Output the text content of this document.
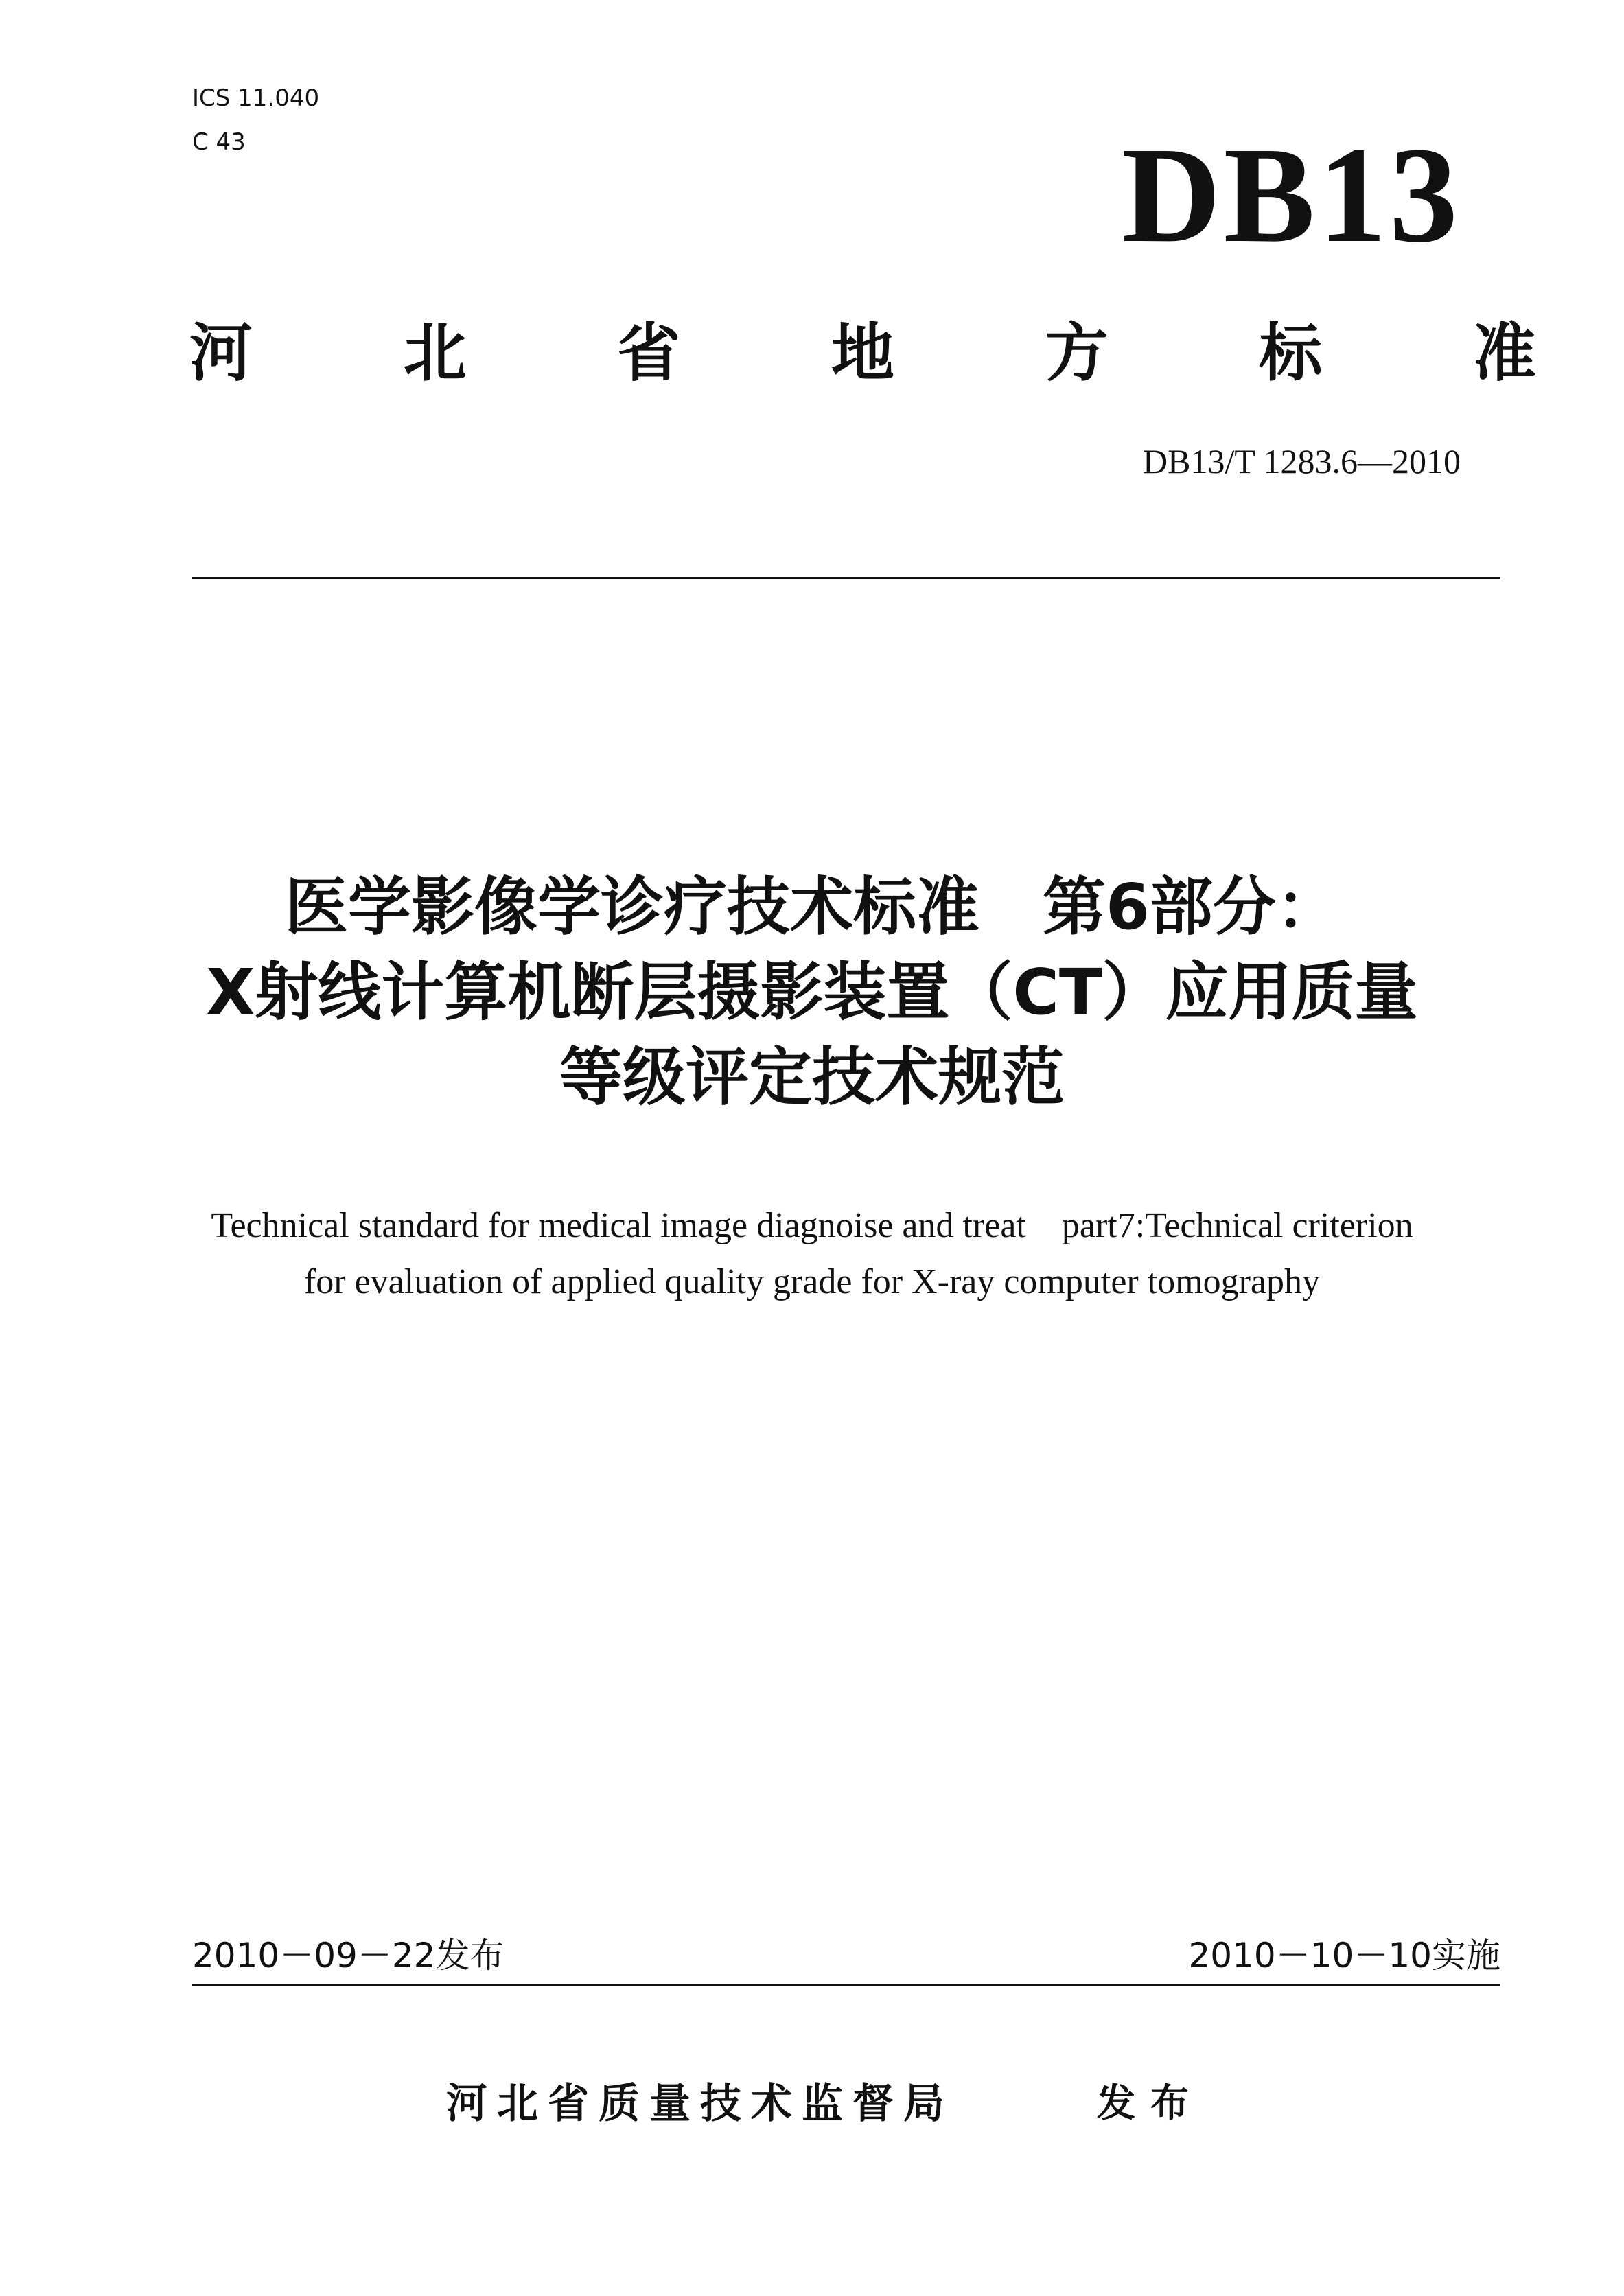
ICS 11.040
C 43	DB13
河 北 省 地 方 标 准
DB13/T 1283.6—2010
医学影像学诊疗技术标准　第6部分：
X射线计算机断层摄影装置（CT）应用质量
等级评定技术规范
Technical standard for medical image diagnoise and treat    part7:Technical criterion
for evaluation of applied quality grade for X-ray computer tomography
2010－09－22发布	2010－10－10实施
河北省质量技术监督局	发布
